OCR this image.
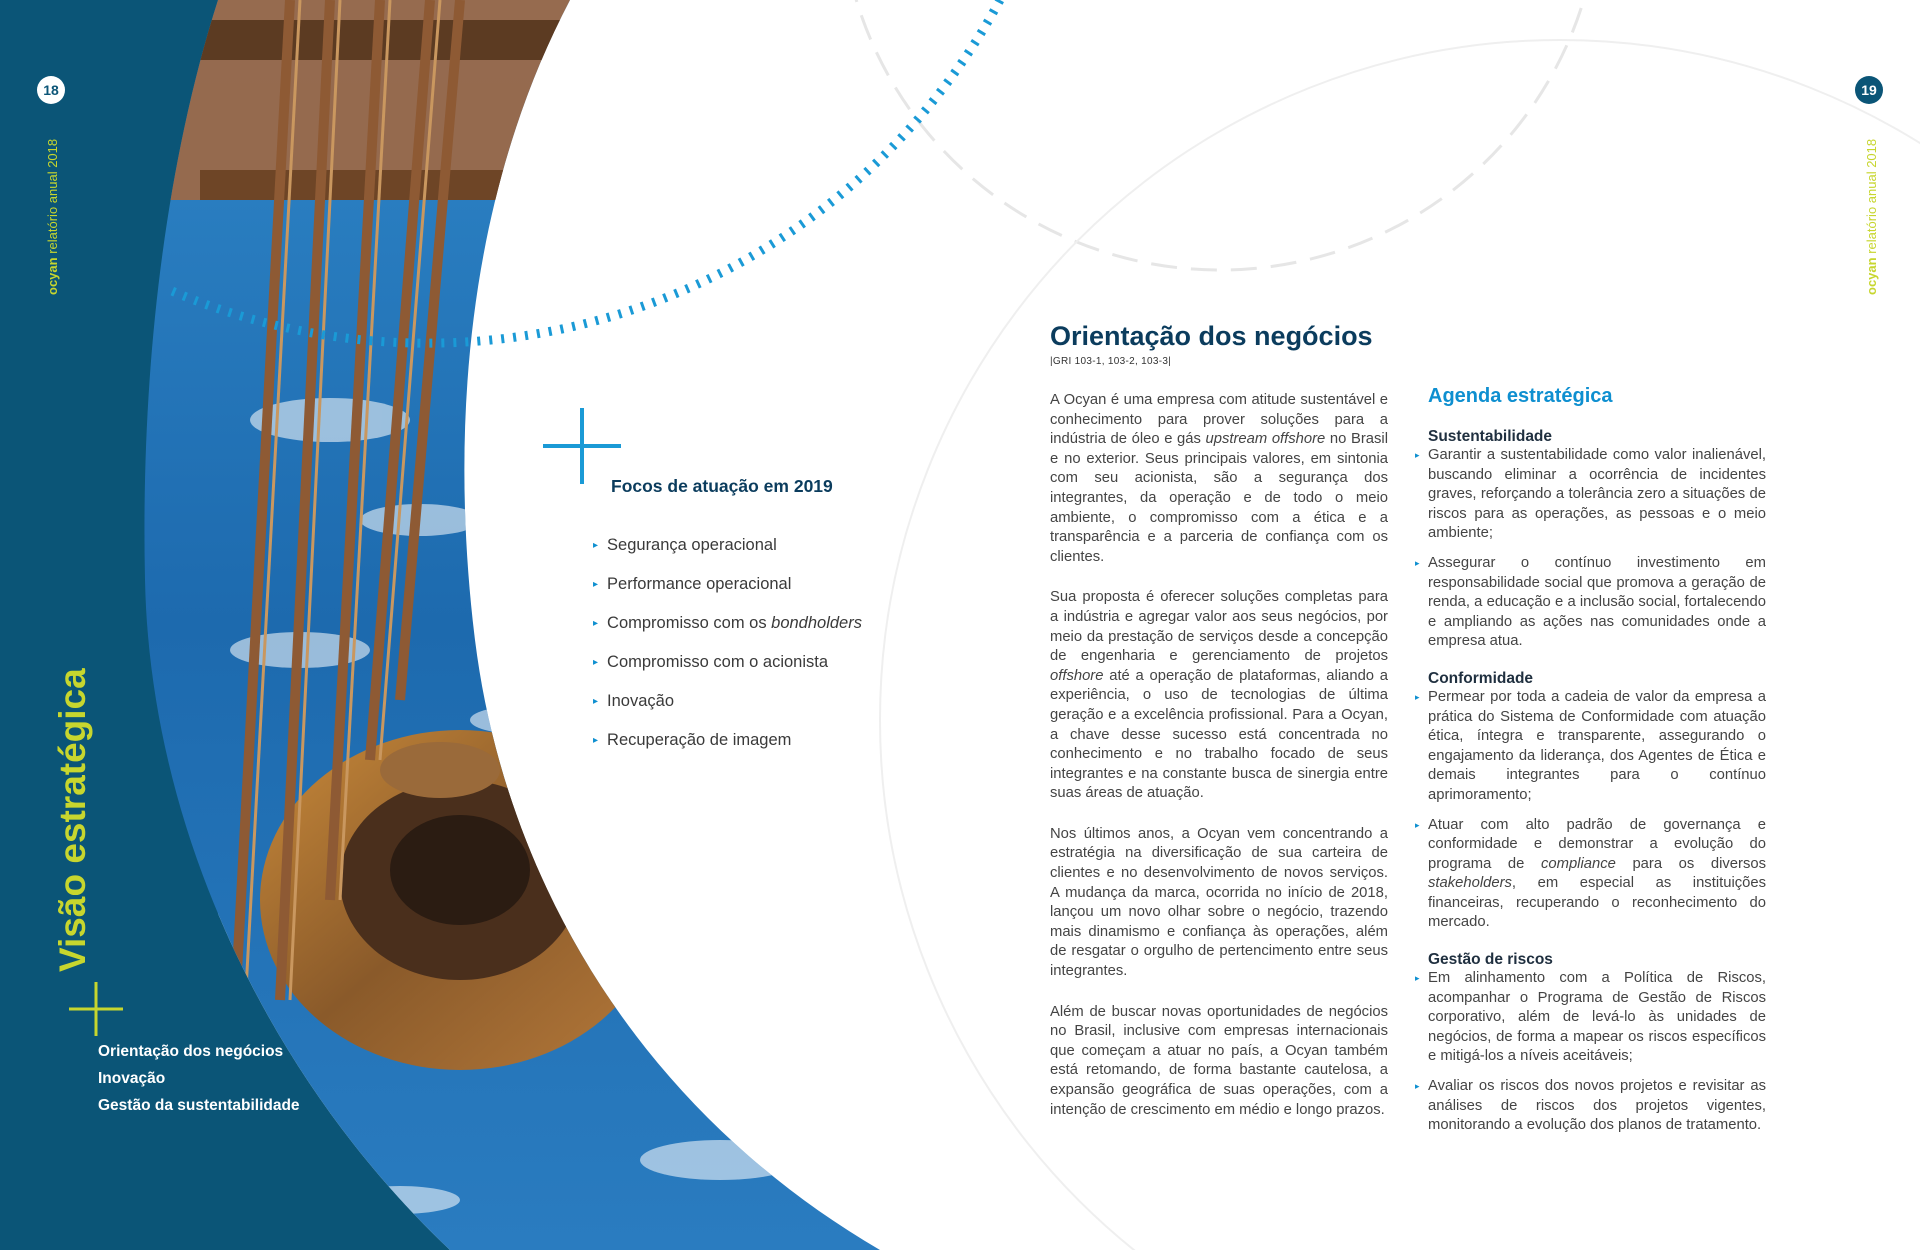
18
ocyan relatório anual 2018
Visão estratégica
Orientação dos negócios
Inovação
Gestão da sustentabilidade
Focos de atuação em 2019
▸ Segurança operacional
▸ Performance operacional
▸ Compromisso com os bondholders
▸ Compromisso com o acionista
▸ Inovação
▸ Recuperação de imagem
19
ocyan relatório anual 2018
Orientação dos negócios
|GRI 103-1, 103-2, 103-3|

A Ocyan é uma empresa com atitude sustentável e conhecimento para prover soluções para a indústria de óleo e gás upstream offshore no Brasil e no exterior. Seus principais valores, em sintonia com seu acionista, são a segurança dos integrantes, da operação e de todo o meio ambiente, o compromisso com a ética e a transparência e a parceria de confiança com os clientes.

Sua proposta é oferecer soluções completas para a indústria e agregar valor aos seus negócios, por meio da prestação de serviços desde a concepção de engenharia e gerenciamento de projetos offshore até a operação de plataformas, aliando a experiência, o uso de tecnologias de última geração e a excelência profissional. Para a Ocyan, a chave desse sucesso está concentrada no conhecimento e no trabalho focado de seus integrantes e na constante busca de sinergia entre suas áreas de atuação.

Nos últimos anos, a Ocyan vem concentrando a estratégia na diversificação de sua carteira de clientes e no desenvolvimento de novos serviços. A mudança da marca, ocorrida no início de 2018, lançou um novo olhar sobre o negócio, trazendo mais dinamismo e confiança às operações, além de resgatar o orgulho de pertencimento entre seus integrantes.

Além de buscar novas oportunidades de negócios no Brasil, inclusive com empresas internacionais que começam a atuar no país, a Ocyan também está retomando, de forma bastante cautelosa, a expansão geográfica de suas operações, com a intenção de crescimento em médio e longo prazos.

Agenda estratégica
Sustentabilidade
▸ Garantir a sustentabilidade como valor inalienável, buscando eliminar a ocorrência de incidentes graves, reforçando a tolerância zero a situações de riscos para as operações, as pessoas e o meio ambiente;
▸ Assegurar o contínuo investimento em responsabilidade social que promova a geração de renda, a educação e a inclusão social, fortalecendo e ampliando as ações nas comunidades onde a empresa atua.
Conformidade
▸ Permear por toda a cadeia de valor da empresa a prática do Sistema de Conformidade com atuação ética, íntegra e transparente, assegurando o engajamento da liderança, dos Agentes de Ética e demais integrantes para o contínuo aprimoramento;
▸ Atuar com alto padrão de governança e conformidade e demonstrar a evolução do programa de compliance para os diversos stakeholders, em especial as instituições financeiras, recuperando o reconhecimento do mercado.
Gestão de riscos
▸ Em alinhamento com a Política de Riscos, acompanhar o Programa de Gestão de Riscos corporativo, além de levá-lo às unidades de negócios, de forma a mapear os riscos específicos e mitigá-los a níveis aceitáveis;
▸ Avaliar os riscos dos novos projetos e revisitar as análises de riscos dos projetos vigentes, monitorando a evolução dos planos de tratamento.
